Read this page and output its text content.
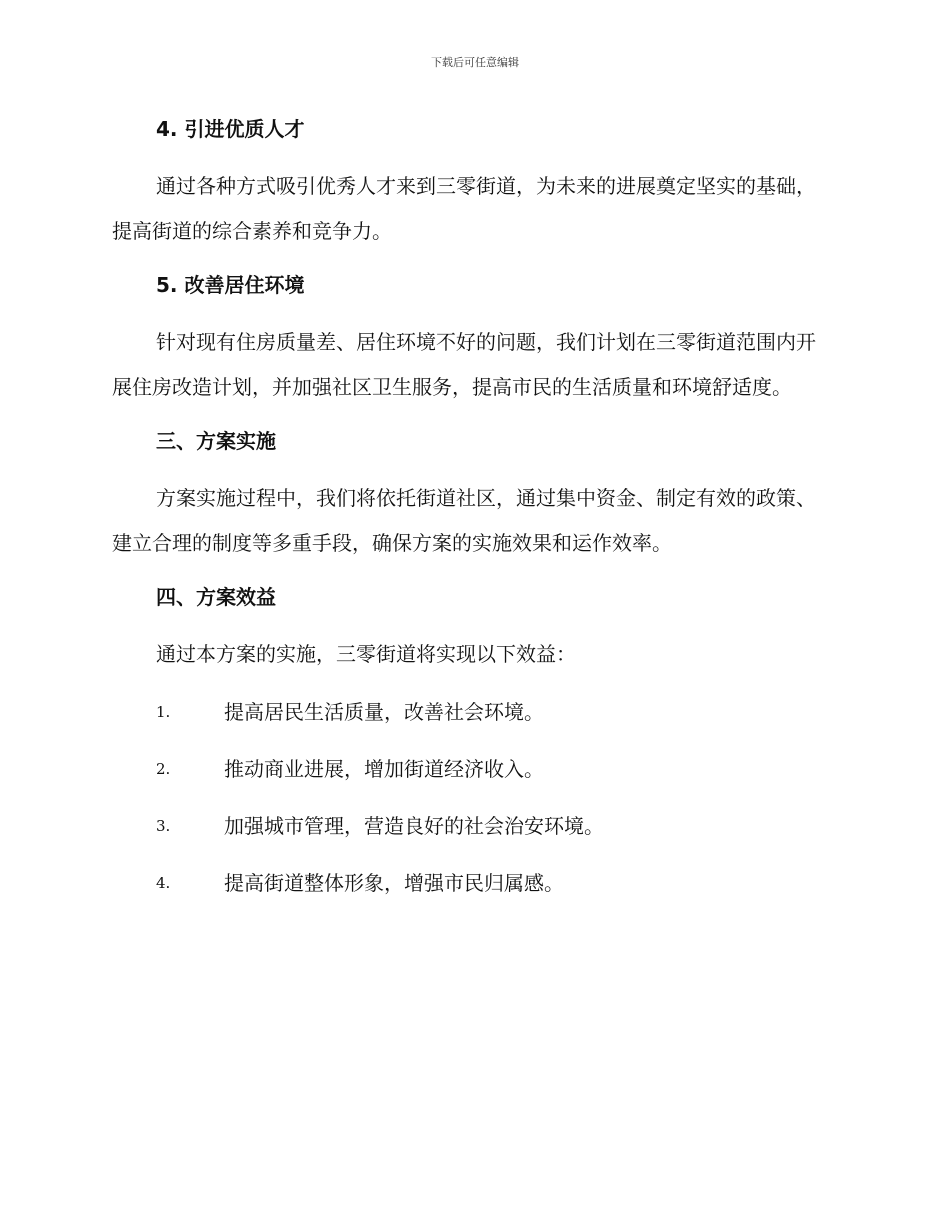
下载后可任意编辑
4. 引进优质人才

通过各种方式吸引优秀人才来到三零街道，为未来的进展奠定坚实的基础，提高街道的综合素养和竞争力。

5. 改善居住环境

针对现有住房质量差、居住环境不好的问题，我们计划在三零街道范围内开展住房改造计划，并加强社区卫生服务，提高市民的生活质量和环境舒适度。

三、方案实施

方案实施过程中，我们将依托街道社区，通过集中资金、制定有效的政策、建立合理的制度等多重手段，确保方案的实施效果和运作效率。

四、方案效益

通过本方案的实施，三零街道将实现以下效益：

1.	提高居民生活质量，改善社会环境。
2.	推动商业进展，增加街道经济收入。
3.	加强城市管理，营造良好的社会治安环境。
4.	提高街道整体形象，增强市民归属感。
